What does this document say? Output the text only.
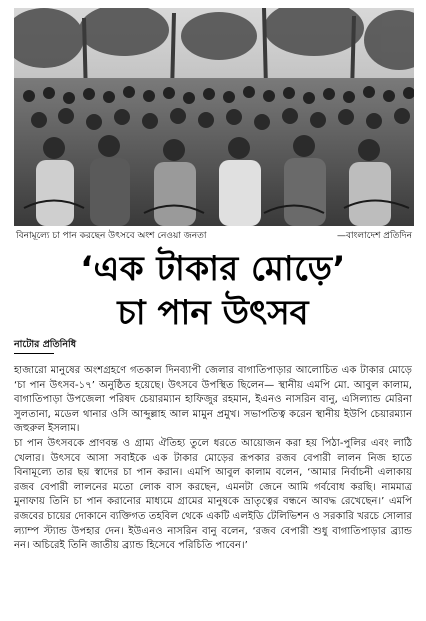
বিনামূল্যে চা পান করছেন উৎসবে অংশ নেওয়া জনতা	—বাংলাদেশ প্রতিদিন
‘এক টাকার মোড়ে’
চা পান উৎসব
নাটোর প্রতিনিধি

হাজারো মানুষের অংশগ্রহণে গতকাল দিনব্যাপী জেলার বাগাতিপাড়ার আলোচিত এক টাকার মোড়ে ‘চা পান উৎসব-১৭’ অনুষ্ঠিত হয়েছে। উৎসবে উপস্থিত ছিলেন— স্থানীয় এমপি মো. আবুল কালাম, বাগাতিপাড়া উপজেলা পরিষদ চেয়ারম্যান হাফিজুর রহমান, ইএনও নাসরিন বানু, এসিল্যান্ড মেরিনা সুলতানা, মডেল থানার ওসি আব্দুল্লাহ আল মামুন প্রমুখ। সভাপতিত্ব করেন স্থানীয় ইউপি চেয়ারম্যান জহুরুল ইসলাম।

চা পান উৎসবকে প্রাণবন্ত ও গ্রাম্য ঐতিহ্য তুলে ধরতে আয়োজন করা হয় পিঠা-পুলির এবং লাঠি খেলার। উৎসবে আসা সবাইকে এক টাকার মোড়ের রূপকার রজব বেপারী লালন নিজ হাতে বিনামূল্যে তার ছয় স্বাদের চা পান করান। এমপি আবুল কালাম বলেন, ‘আমার নির্বাচনী এলাকায় রজব বেপারী লালনের মতো লোক বাস করছেন, এমনটা জেনে আমি গর্ববোধ করছি। নামমাত্র মুনাফায় তিনি চা পান করানোর মাধ্যমে গ্রামের মানুষকে ভ্রাতৃত্বের বন্ধনে আবদ্ধ রেখেছেন।’ এমপি রজবের চায়ের দোকানে ব্যক্তিগত তহবিল থেকে একটি এলইডি টেলিভিশন ও সরকারি খরচে সোলার ল্যাম্প স্ট্যান্ড উপহার দেন। ইউএনও নাসরিন বানু বলেন, ‘রজব বেপারী শুধু বাগাতিপাড়ার ব্র্যান্ড নন। অচিরেই তিনি জাতীয় ব্র্যান্ড হিসেবে পরিচিতি পাবেন।’
